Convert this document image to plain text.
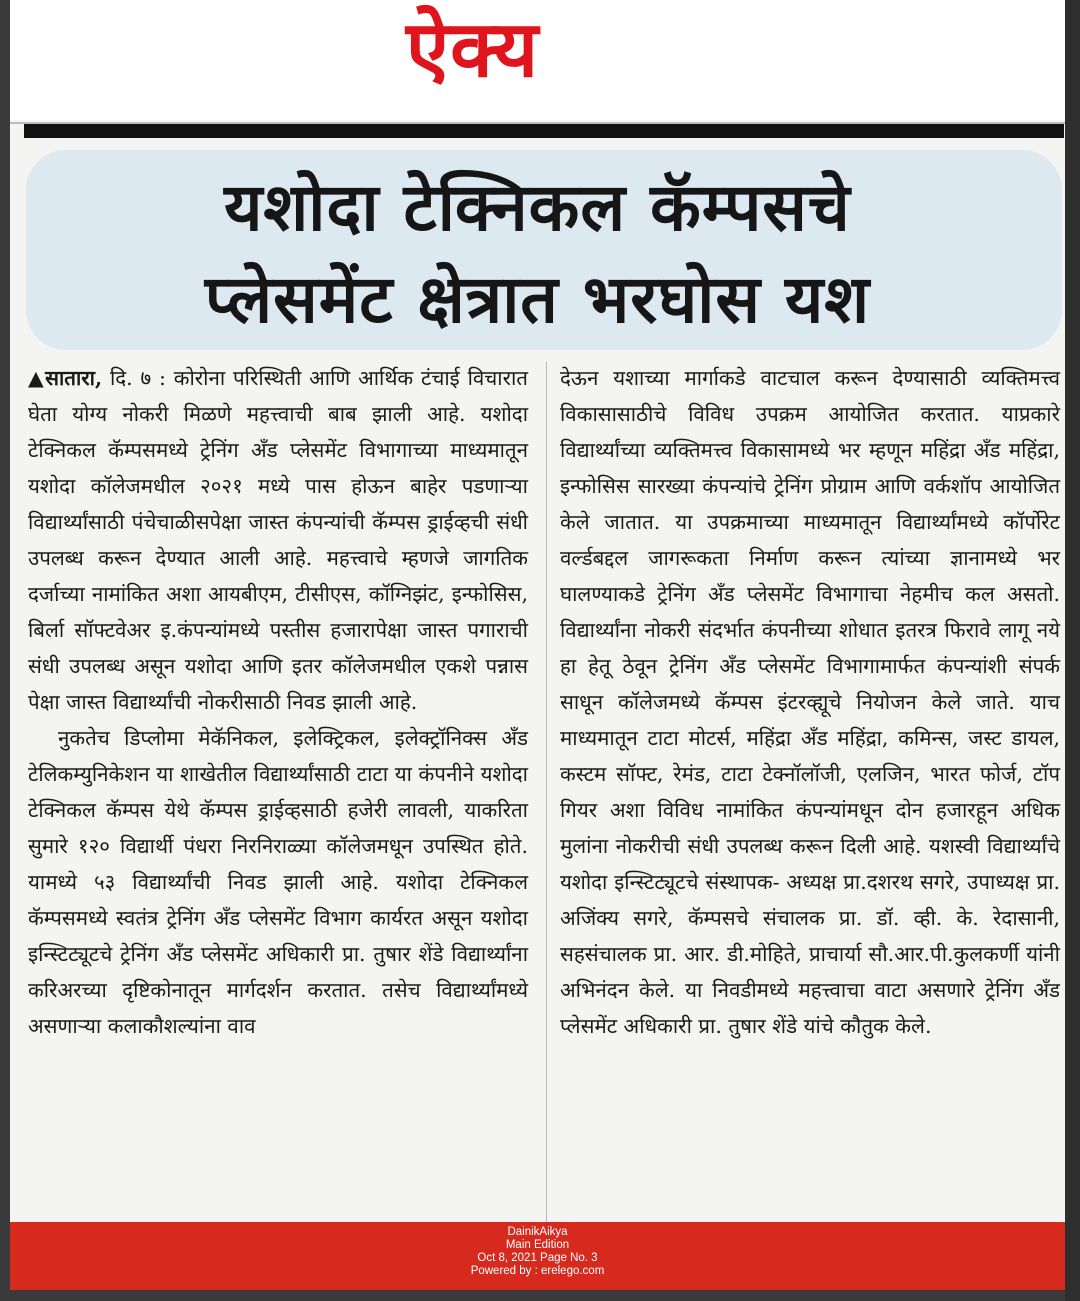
ऐक्य
यशोदा टेक्निकल कॅम्पसचे
प्लेसमेंट क्षेत्रात भरघोस यश

▲सातारा, दि. ७ : कोरोना परिस्थिती आणि आर्थिक टंचाई विचारात घेता योग्य नोकरी मिळणे महत्त्वाची बाब झाली आहे. यशोदा टेक्निकल कॅम्पसमध्ये ट्रेनिंग अँड प्लेसमेंट विभागाच्या माध्यमातून यशोदा कॉलेजमधील २०२१ मध्ये पास होऊन बाहेर पडणाऱ्या विद्यार्थ्यांसाठी पंचेचाळीसपेक्षा जास्त कंपन्यांची कॅम्पस ड्राईव्हची संधी उपलब्ध करून देण्यात आली आहे. महत्त्वाचे म्हणजे जागतिक दर्जाच्या नामांकित अशा आयबीएम, टीसीएस, कॉग्निझंट, इन्फोसिस, बिर्ला सॉफ्टवेअर इ.कंपन्यांमध्ये पस्तीस हजारापेक्षा जास्त पगाराची संधी उपलब्ध असून यशोदा आणि इतर कॉलेजमधील एकशे पन्नास पेक्षा जास्त विद्यार्थ्यांची नोकरीसाठी निवड झाली आहे.

नुकतेच डिप्लोमा मेकॅनिकल, इलेक्ट्रिकल, इलेक्ट्रॉनिक्स अँड टेलिकम्युनिकेशन या शाखेतील विद्यार्थ्यांसाठी टाटा या कंपनीने यशोदा टेक्निकल कॅम्पस येथे कॅम्पस ड्राईव्हसाठी हजेरी लावली, याकरिता सुमारे १२० विद्यार्थी पंधरा निरनिराळ्या कॉलेजमधून उपस्थित होते. यामध्ये ५३ विद्यार्थ्यांची निवड झाली आहे. यशोदा टेक्निकल कॅम्पसमध्ये स्वतंत्र ट्रेनिंग अँड प्लेसमेंट विभाग कार्यरत असून यशोदा इन्स्टिट्यूटचे ट्रेनिंग अँड प्लेसमेंट अधिकारी प्रा. तुषार शेंडे विद्यार्थ्यांना करिअरच्या दृष्टिकोनातून मार्गदर्शन करतात. तसेच विद्यार्थ्यांमध्ये असणाऱ्या कलाकौशल्यांना वाव

देऊन यशाच्या मार्गाकडे वाटचाल करून देण्यासाठी व्यक्तिमत्त्व विकासासाठीचे विविध उपक्रम आयोजित करतात. याप्रकारे विद्यार्थ्यांच्या व्यक्तिमत्त्व विकासामध्ये भर म्हणून महिंद्रा अँड महिंद्रा, इन्फोसिस सारख्या कंपन्यांचे ट्रेनिंग प्रोग्राम आणि वर्कशॉप आयोजित केले जातात. या उपक्रमाच्या माध्यमातून विद्यार्थ्यांमध्ये कॉर्पोरेट वर्ल्डबद्दल जागरूकता निर्माण करून त्यांच्या ज्ञानामध्ये भर घालण्याकडे ट्रेनिंग अँड प्लेसमेंट विभागाचा नेहमीच कल असतो. विद्यार्थ्यांना नोकरी संदर्भात कंपनीच्या शोधात इतरत्र फिरावे लागू नये हा हेतू ठेवून ट्रेनिंग अँड प्लेसमेंट विभागामार्फत कंपन्यांशी संपर्क साधून कॉलेजमध्ये कॅम्पस इंटरव्ह्यूचे नियोजन केले जाते. याच माध्यमातून टाटा मोटर्स, महिंद्रा अँड महिंद्रा, कमिन्स, जस्ट डायल, कस्टम सॉफ्ट, रेमंड, टाटा टेक्नॉलॉजी, एलजिन, भारत फोर्ज, टॉप गियर अशा विविध नामांकित कंपन्यांमधून दोन हजारहून अधिक मुलांना नोकरीची संधी उपलब्ध करून दिली आहे. यशस्वी विद्यार्थ्यांचे यशोदा इन्स्टिट्यूटचे संस्थापक- अध्यक्ष प्रा.दशरथ सगरे, उपाध्यक्ष प्रा. अजिंक्य सगरे, कॅम्पसचे संचालक प्रा. डॉ. व्ही. के. रेदासानी, सहसंचालक प्रा. आर. डी.मोहिते, प्राचार्या सौ.आर.पी.कुलकर्णी यांनी अभिनंदन केले. या निवडीमध्ये महत्त्वाचा वाटा असणारे ट्रेनिंग अँड प्लेसमेंट अधिकारी प्रा. तुषार शेंडे यांचे कौतुक केले.

DainikAikya
Main Edition
Oct 8, 2021 Page No. 3
Powered by : erelego.com
